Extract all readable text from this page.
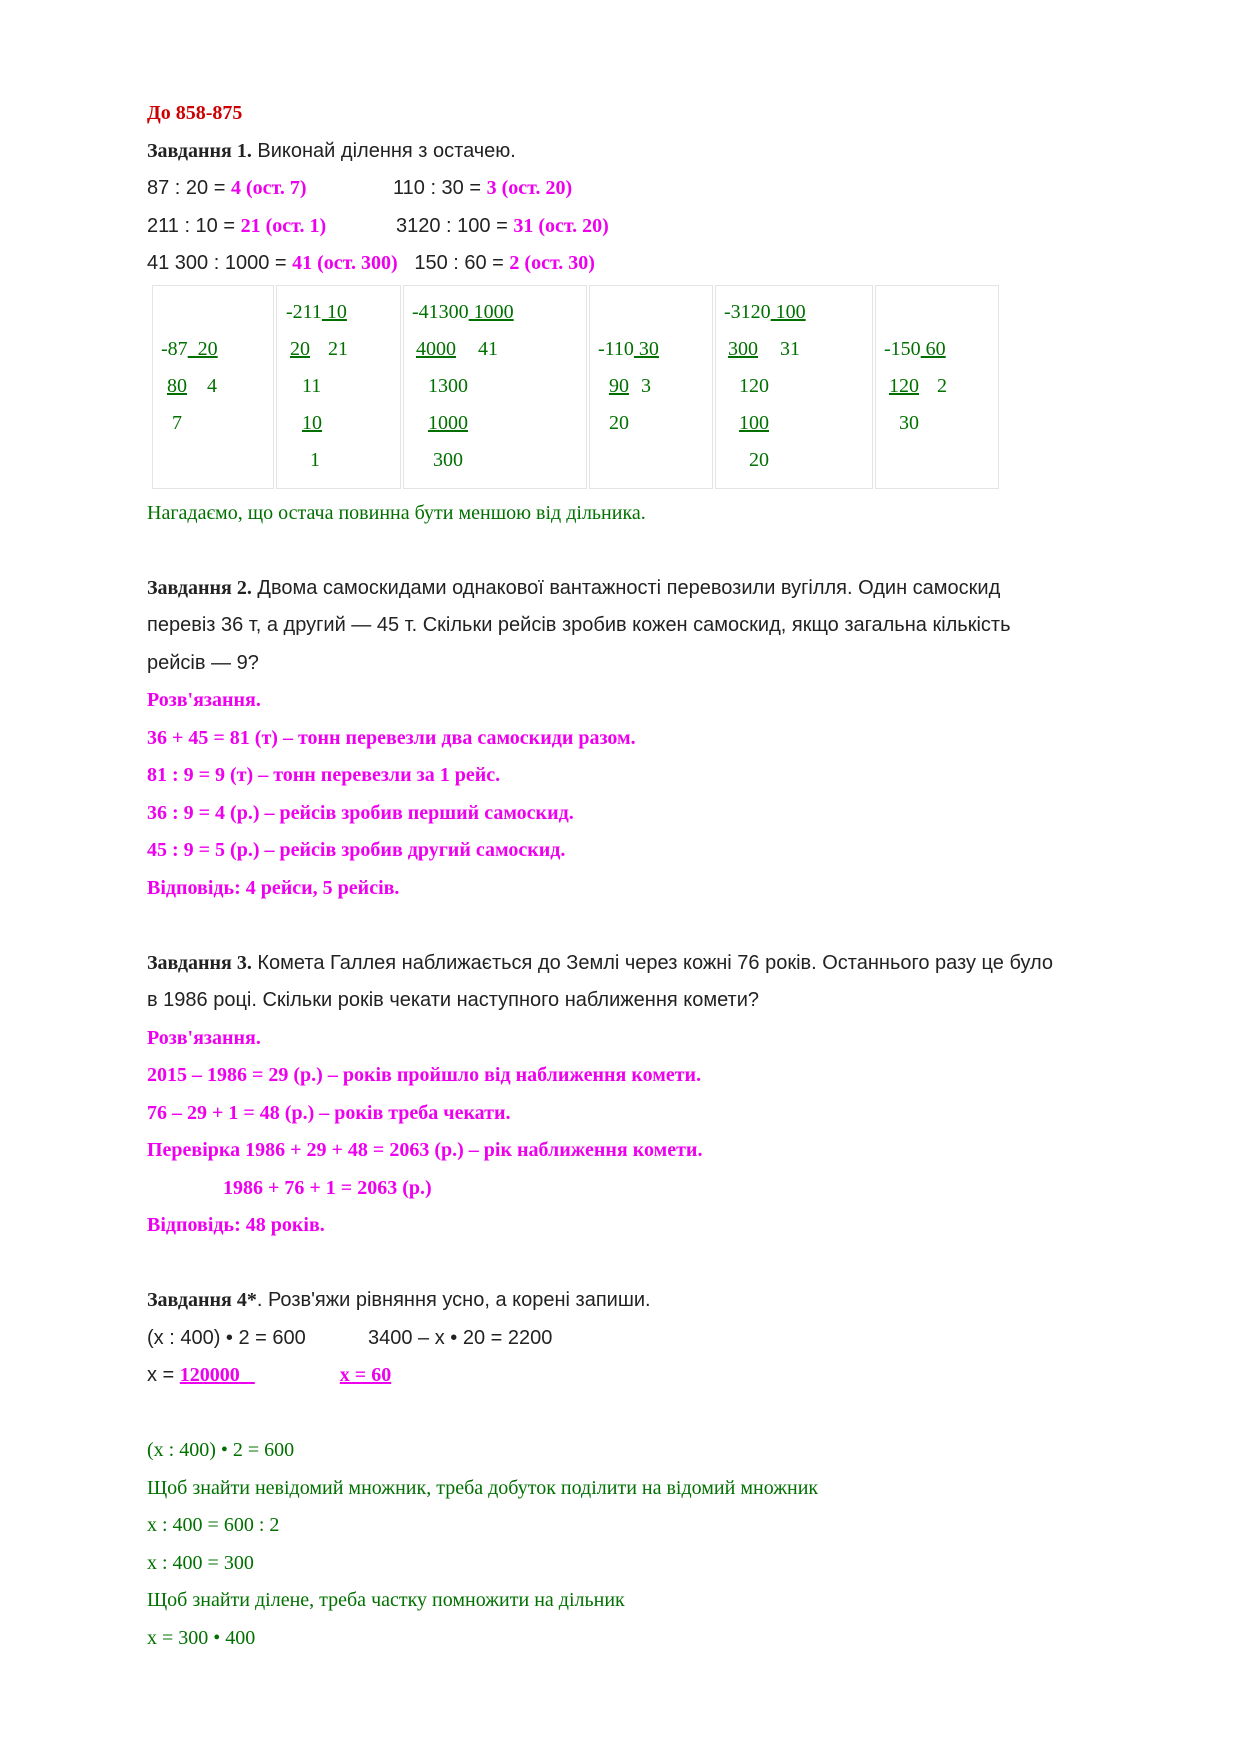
До 858-875
Завдання 1. Виконай ділення з остачею.
87 : 20 = 4 (ост. 7)	110 : 30 = 3 (ост. 20)
211 : 10 = 21 (ост. 1)	3120 : 100 = 31 (ост. 20)
41 300 : 1000 = 41 (ост. 300) 150 : 60 = 2 (ост. 30)
-87  20
80 4
7
-211 10
20 21
11
10
1
-41300 1000
4000 41
1300
1000
300
-110 30
90 3
20
-3120 100
300 31
120
100
20
-150 60
120 2
30
Нагадаємо, що остача повинна бути меншою від дільника.
Завдання 2. Двома самоскидами однакової вантажності перевозили вугілля. Один самоскид
перевіз 36 т, а другий — 45 т. Скільки рейсів зробив кожен самоскид, якщо загальна кількість
рейсів — 9?
Розв'язання.
36 + 45 = 81 (т) – тонн перевезли два самоскиди разом.
81 : 9 = 9 (т) – тонн перевезли за 1 рейс.
36 : 9 = 4 (р.) – рейсів зробив перший самоскид.
45 : 9 = 5 (р.) – рейсів зробив другий самоскид.
Відповідь: 4 рейси, 5 рейсів.
Завдання 3. Комета Галлея наближається до Землі через кожні 76 років. Останнього разу це було
в 1986 році. Скільки років чекати наступного наближення комети?
Розв'язання.
2015 – 1986 = 29 (р.) – років пройшло від наближення комети.
76 – 29 + 1 = 48 (р.) – років треба чекати.
Перевірка 1986 + 29 + 48 = 2063 (р.) – рік наближення комети.
1986 + 76 + 1 = 2063 (р.)
Відповідь: 48 років.
Завдання 4*. Розв'яжи рівняння усно, а корені запиши.
(x : 400) • 2 = 600	3400 – x • 20 = 2200
x = 120000	x = 60
(x : 400) • 2 = 600
Щоб знайти невідомий множник, треба добуток поділити на відомий множник
x : 400 = 600 : 2
x : 400 = 300
Щоб знайти ділене, треба частку помножити на дільник
x = 300 • 400
